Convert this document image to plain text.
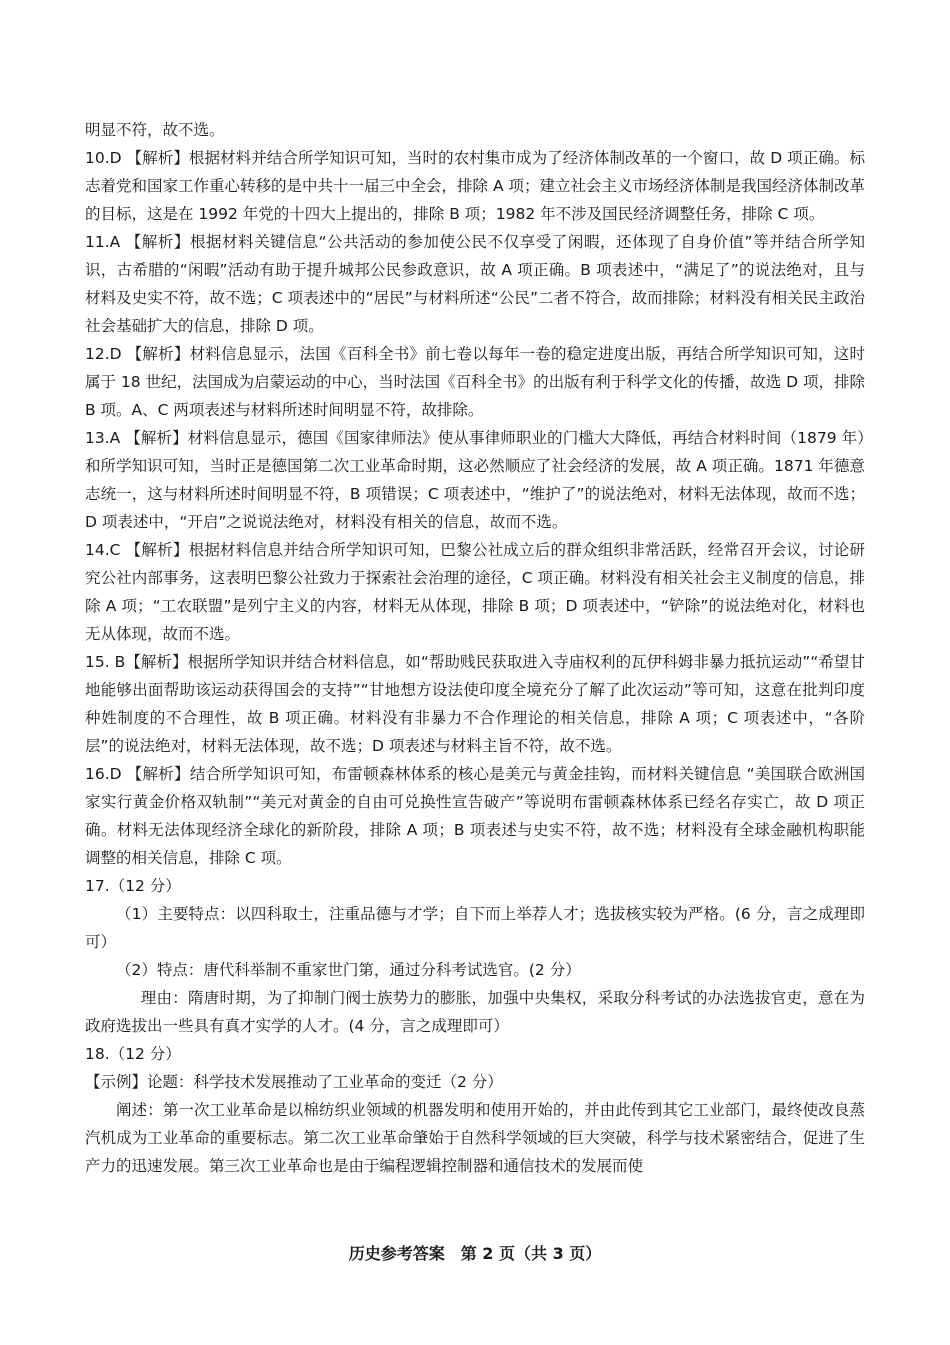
明显不符，故不选。

10.D 【解析】根据材料并结合所学知识可知，当时的农村集市成为了经济体制改革的一个窗口，故 D 项正确。标志着党和国家工作重心转移的是中共十一届三中全会，排除 A 项；建立社会主义市场经济体制是我国经济体制改革的目标，这是在 1992 年党的十四大上提出的，排除 B 项；1982 年不涉及国民经济调整任务，排除 C 项。

11.A 【解析】根据材料关键信息“公共活动的参加使公民不仅享受了闲暇，还体现了自身价值”等并结合所学知识，古希腊的“闲暇”活动有助于提升城邦公民参政意识，故 A 项正确。B 项表述中，“满足了”的说法绝对，且与材料及史实不符，故不选；C 项表述中的“居民”与材料所述“公民”二者不符合，故而排除；材料没有相关民主政治社会基础扩大的信息，排除 D 项。

12.D 【解析】材料信息显示，法国《百科全书》前七卷以每年一卷的稳定进度出版，再结合所学知识可知，这时属于 18 世纪，法国成为启蒙运动的中心，当时法国《百科全书》的出版有利于科学文化的传播，故选 D 项，排除 B 项。A、C 两项表述与材料所述时间明显不符，故排除。

13.A 【解析】材料信息显示，德国《国家律师法》使从事律师职业的门槛大大降低，再结合材料时间（1879 年）和所学知识可知，当时正是德国第二次工业革命时期，这必然顺应了社会经济的发展，故 A 项正确。1871 年德意志统一，这与材料所述时间明显不符，B 项错误；C 项表述中，“维护了”的说法绝对，材料无法体现，故而不选；D 项表述中，“开启”之说说法绝对，材料没有相关的信息，故而不选。

14.C 【解析】根据材料信息并结合所学知识可知，巴黎公社成立后的群众组织非常活跃，经常召开会议，讨论研究公社内部事务，这表明巴黎公社致力于探索社会治理的途径，C 项正确。材料没有相关社会主义制度的信息，排除 A 项；“工农联盟”是列宁主义的内容，材料无从体现，排除 B 项；D 项表述中，“铲除”的说法绝对化，材料也无从体现，故而不选。

15. B【解析】根据所学知识并结合材料信息，如“帮助贱民获取进入寺庙权利的瓦伊科姆非暴力抵抗运动”“希望甘地能够出面帮助该运动获得国会的支持”“甘地想方设法使印度全境充分了解了此次运动”等可知，这意在批判印度种姓制度的不合理性，故 B 项正确。材料没有非暴力不合作理论的相关信息，排除 A 项；C 项表述中，“各阶层”的说法绝对，材料无法体现，故不选；D 项表述与材料主旨不符，故不选。

16.D 【解析】结合所学知识可知，布雷顿森林体系的核心是美元与黄金挂钩，而材料关键信息 “美国联合欧洲国家实行黄金价格双轨制”“美元对黄金的自由可兑换性宣告破产”等说明布雷顿森林体系已经名存实亡，故 D 项正确。材料无法体现经济全球化的新阶段，排除 A 项；B 项表述与史实不符，故不选；材料没有全球金融机构职能调整的相关信息，排除 C 项。

17.（12 分）

（1）主要特点：以四科取士，注重品德与才学；自下而上举荐人才；选拔核实较为严格。(6 分，言之成理即可）

（2）特点：唐代科举制不重家世门第，通过分科考试选官。(2 分）

理由：隋唐时期，为了抑制门阀士族势力的膨胀，加强中央集权，采取分科考试的办法选拔官吏，意在为政府选拔出一些具有真才实学的人才。(4 分，言之成理即可）

18.（12 分）

【示例】论题：科学技术发展推动了工业革命的变迁（2 分）

阐述：第一次工业革命是以棉纺织业领域的机器发明和使用开始的，并由此传到其它工业部门，最终使改良蒸汽机成为工业革命的重要标志。第二次工业革命肇始于自然科学领域的巨大突破，科学与技术紧密结合，促进了生产力的迅速发展。第三次工业革命也是由于编程逻辑控制器和通信技术的发展而使

历史参考答案　第 2 页（共 3 页）
